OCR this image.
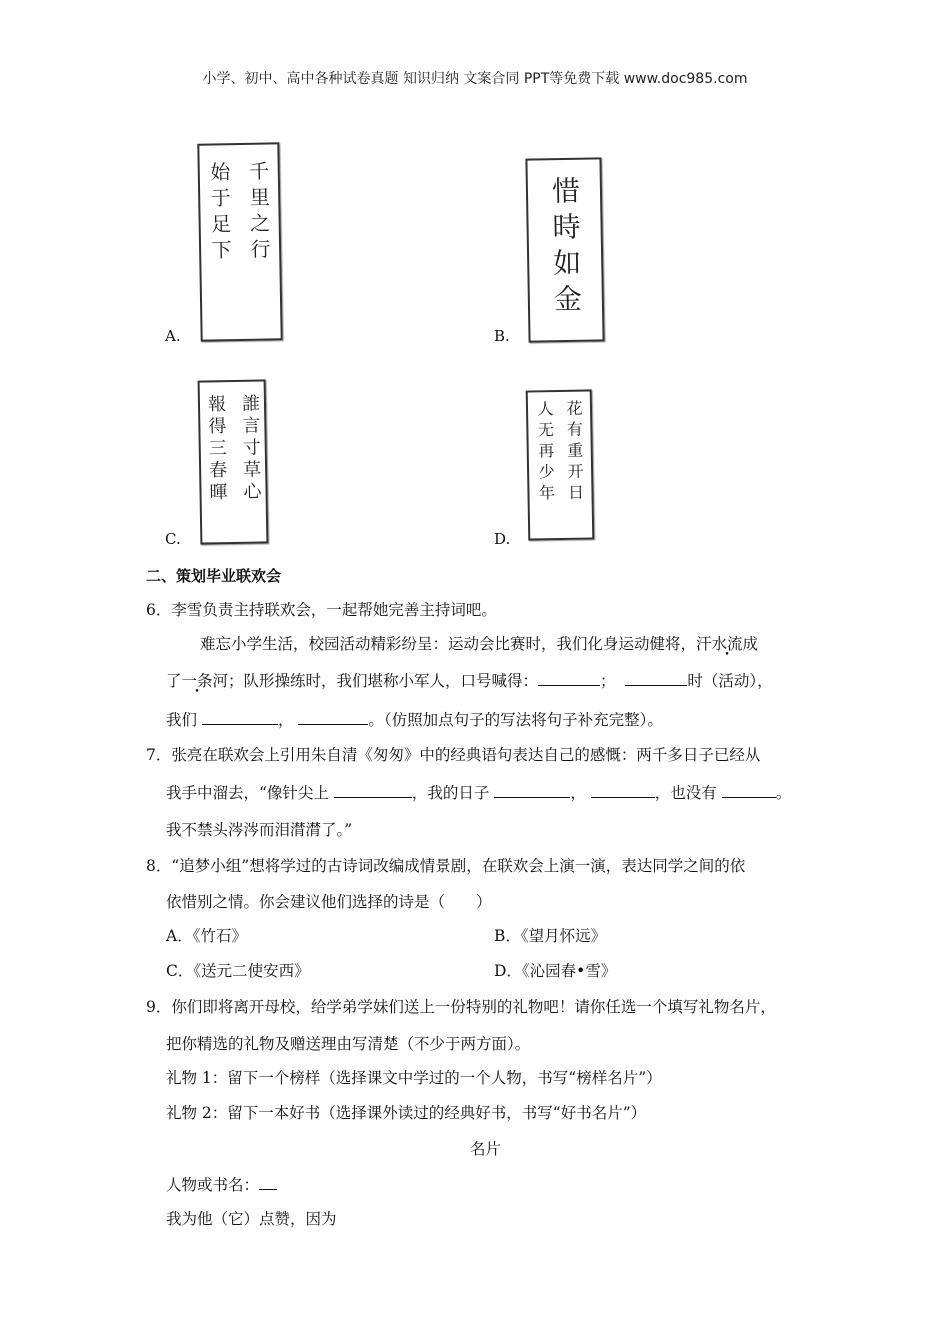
小学、初中、高中各种试卷真题 知识归纳 文案合同 PPT等免费下载 www.doc985.com
千里之行
始于足下
A.
惜時如金
B.
誰言寸草心
報得三春暉
C.
花有重开日
人无再少年
D.
二、策划毕业联欢会
6．李雪负责主持联欢会，一起帮她完善主持词吧。
难忘小学生活，校园活动精彩纷呈：运动会比赛时，我们化身运动健将，汗水流成
了一条河；队形操练时，我们堪称小军人，口号喊得：	；	时（活动），
我们	，	。（仿照加点句子的写法将句子补充完整）。
7．张亮在联欢会上引用朱自清《匆匆》中的经典语句表达自己的感慨：两千多日子已经从
我手中溜去，“像针尖上	，我的日子	，	，也没有	。
我不禁头涔涔而泪潸潸了。”
8．“追梦小组”想将学过的古诗词改编成情景剧，在联欢会上演一演，表达同学之间的依
依惜别之情。你会建议他们选择的诗是（　　）
A．《竹石》	B．《望月怀远》
C．《送元二使安西》	D．《沁园春•雪》
9．你们即将离开母校，给学弟学妹们送上一份特别的礼物吧！请你任选一个填写礼物名片，
把你精选的礼物及赠送理由写清楚（不少于两方面）。
礼物 1：留下一个榜样（选择课文中学过的一个人物，书写“榜样名片”）
礼物 2：留下一本好书（选择课外读过的经典好书，书写“好书名片”）
名片
人物或书名：
我为他（它）点赞，因为
